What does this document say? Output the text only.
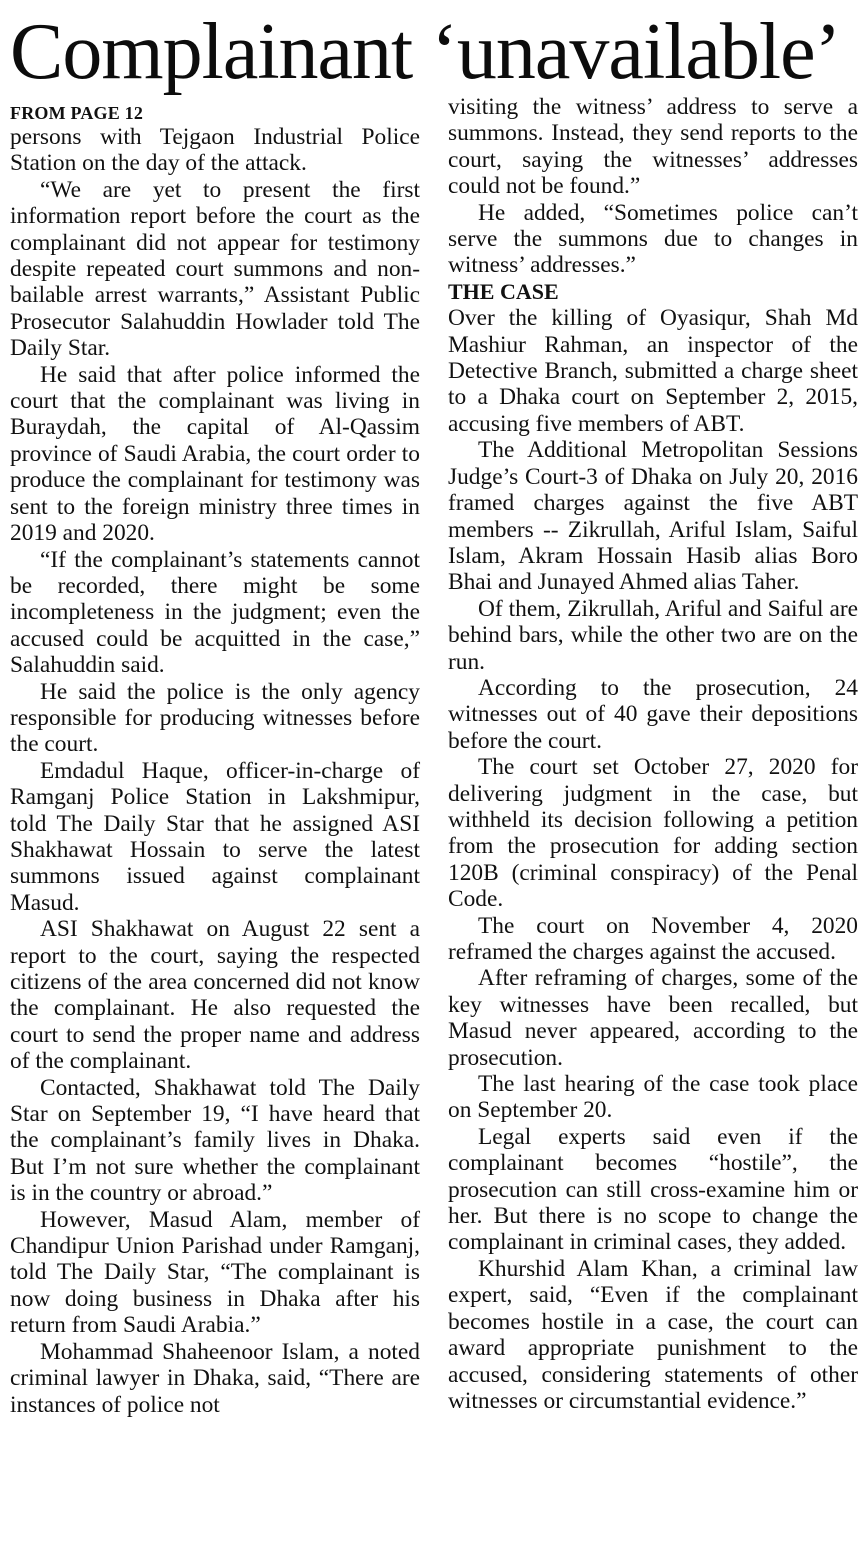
Complainant ‘unavailable’

FROM PAGE 12

persons with Tejgaon Industrial Police Station on the day of the attack.

“We are yet to present the first information report before the court as the complainant did not appear for testimony despite repeated court summons and non-bailable arrest warrants,” Assistant Public Prosecutor Salahuddin Howlader told The Daily Star.

He said that after police informed the court that the complainant was living in Buraydah, the capital of Al-Qassim province of Saudi Arabia, the court order to produce the complainant for testimony was sent to the foreign ministry three times in 2019 and 2020.

“If the complainant’s statements cannot be recorded, there might be some incompleteness in the judgment; even the accused could be acquitted in the case,” Salahuddin said.

He said the police is the only agency responsible for producing witnesses before the court.

Emdadul Haque, officer-in-charge of Ramganj Police Station in Lakshmipur, told The Daily Star that he assigned ASI Shakhawat Hossain to serve the latest summons issued against complainant Masud.

ASI Shakhawat on August 22 sent a report to the court, saying the respected citizens of the area concerned did not know the complainant. He also requested the court to send the proper name and address of the complainant.

Contacted, Shakhawat told The Daily Star on September 19, “I have heard that the complainant’s family lives in Dhaka. But I’m not sure whether the complainant is in the country or abroad.”

However, Masud Alam, member of Chandipur Union Parishad under Ramganj, told The Daily Star, “The complainant is now doing business in Dhaka after his return from Saudi Arabia.”

Mohammad Shaheenoor Islam, a noted criminal lawyer in Dhaka, said, “There are instances of police not

visiting the witness’ address to serve a summons. Instead, they send reports to the court, saying the witnesses’ addresses could not be found.”

He added, “Sometimes police can’t serve the summons due to changes in witness’ addresses.”

THE CASE

Over the killing of Oyasiqur, Shah Md Mashiur Rahman, an inspector of the Detective Branch, submitted a charge sheet to a Dhaka court on September 2, 2015, accusing five members of ABT.

The Additional Metropolitan Sessions Judge’s Court-3 of Dhaka on July 20, 2016 framed charges against the five ABT members -- Zikrullah, Ariful Islam, Saiful Islam, Akram Hossain Hasib alias Boro Bhai and Junayed Ahmed alias Taher.

Of them, Zikrullah, Ariful and Saiful are behind bars, while the other two are on the run.

According to the prosecution, 24 witnesses out of 40 gave their depositions before the court.

The court set October 27, 2020 for delivering judgment in the case, but withheld its decision following a petition from the prosecution for adding section 120B (criminal conspiracy) of the Penal Code.

The court on November 4, 2020 reframed the charges against the accused.

After reframing of charges, some of the key witnesses have been recalled, but Masud never appeared, according to the prosecution.

The last hearing of the case took place on September 20.

Legal experts said even if the complainant becomes “hostile”, the prosecution can still cross-examine him or her. But there is no scope to change the complainant in criminal cases, they added.

Khurshid Alam Khan, a criminal law expert, said, “Even if the complainant becomes hostile in a case, the court can award appropriate punishment to the accused, considering statements of other witnesses or circumstantial evidence.”
